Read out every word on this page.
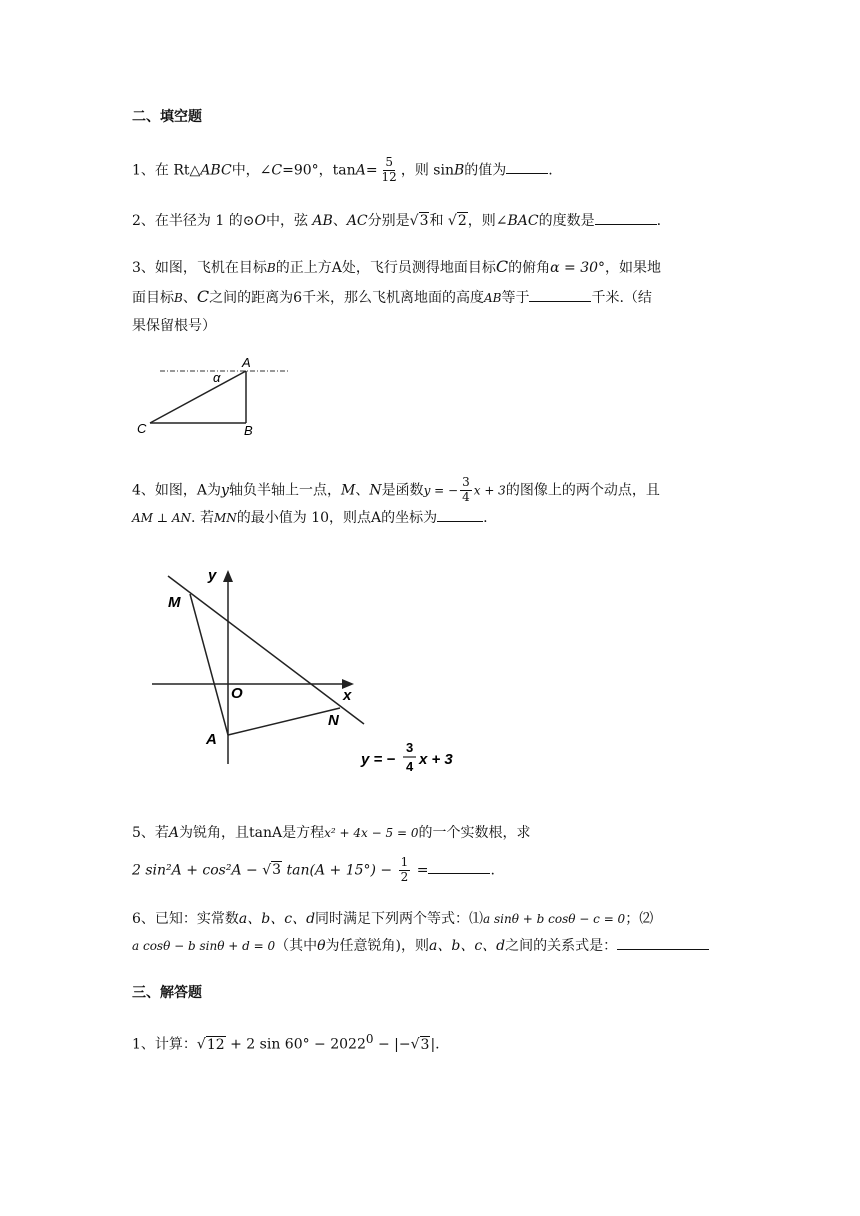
二、填空题
1、在 Rt△ABC中，∠C=90°，$\tan A= \frac{5}{12}$ ，则 sinB的值为	.
2、在半径为 1 的⊙O中，弦 AB、AC分别是√3和 √2，则∠BAC的度数是	.
3、如图，飞机在目标B的正上方A处，飞行员测得地面目标C的俯角α = 30°，如果地
面目标B、C之间的距离为6千米，那么飞机离地面的高度AB等于	千米.（结
果保留根号）
A
B
C
α
4、如图，A为y轴负半轴上一点，M、N是函数y = − $\frac{3}{4}$ x + 3的图像上的两个动点，且
AM ⊥ AN. 若MN的最小值为 10，则点A的坐标为	.
y
x
O
M
N
A
y = −
3
4 x + 3
5、若A为锐角，且tanA是方程x² + 4x − 5 = 0的一个实数根，求
2 sin²A + cos²A − √3 $\tan(A + 15^\circ) - \frac{1}{2}$ =	.
6、已知：实常数a、b、c、d同时满足下列两个等式：⑴a sinθ + b cosθ − c = 0；⑵
a cosθ − b sinθ + d = 0（其中θ为任意锐角)，则a、b、c、d之间的关系式是：
三、解答题
1、计算：√12 + 2 $\sin 60^\circ - 2022^0 - |-√3|$.
